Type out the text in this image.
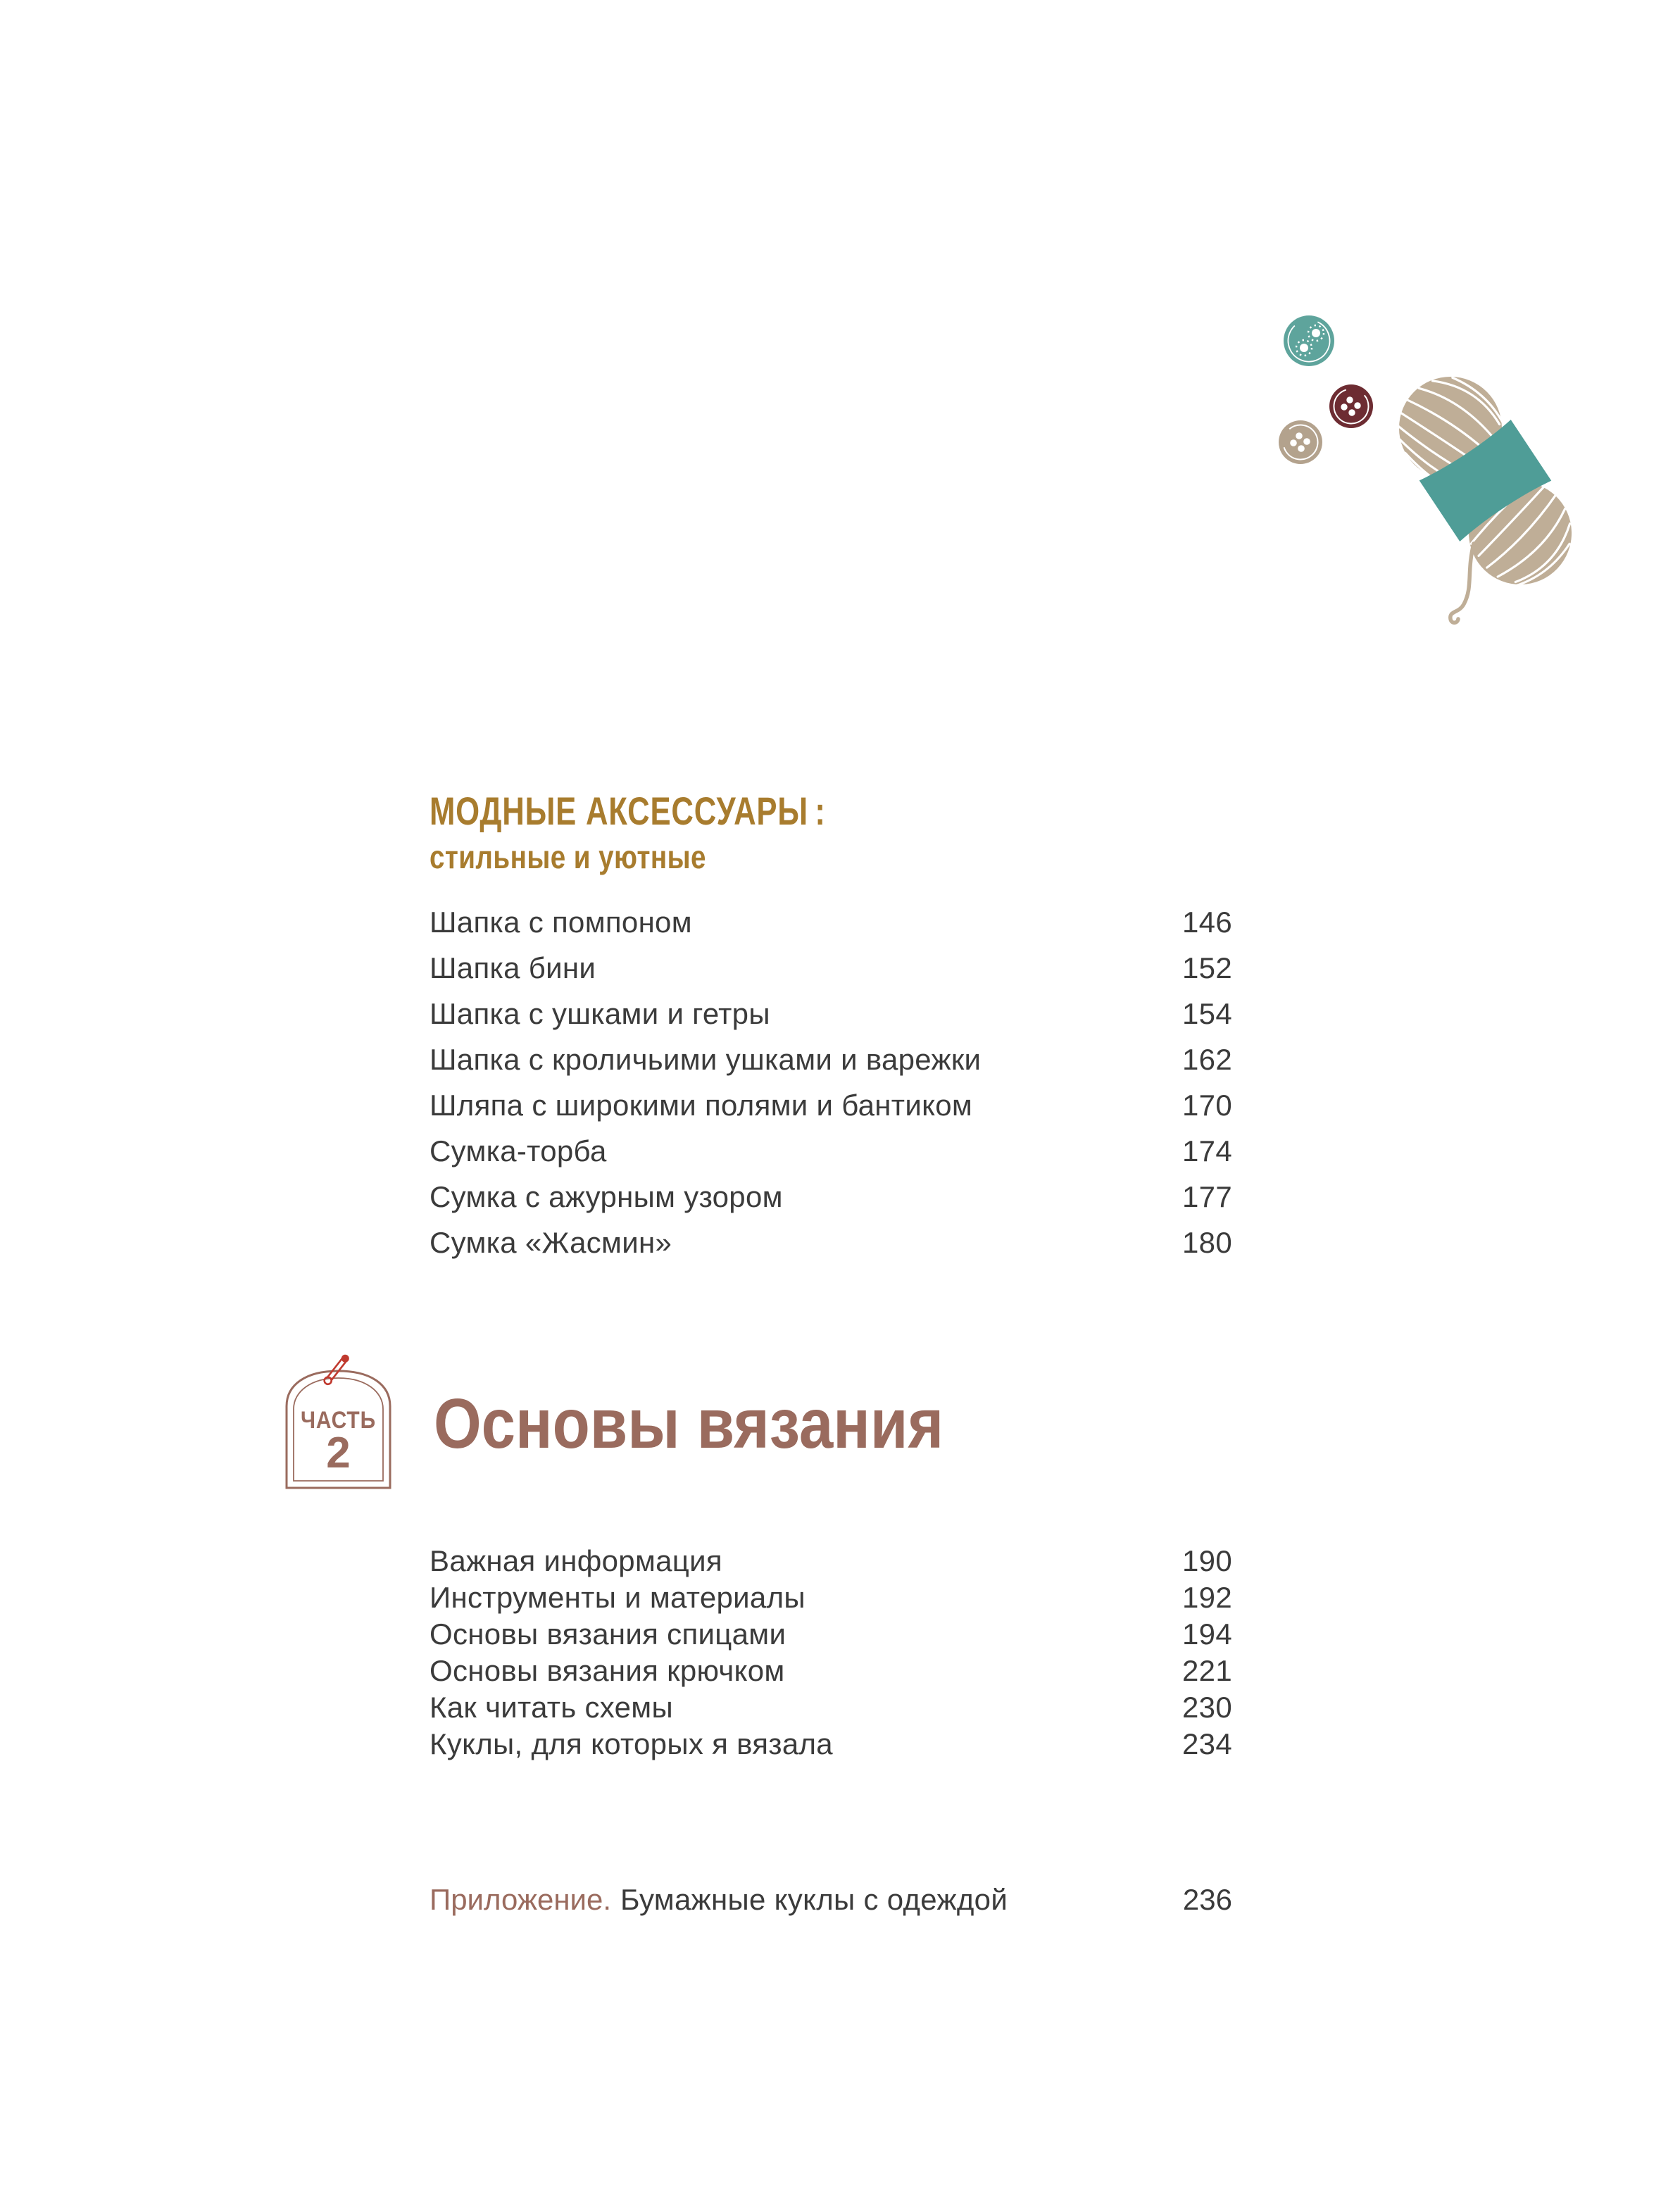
МОДНЫЕ АКСЕССУАРЫ :
стильные и уютные
Шапка с помпоном	146
Шапка бини	152
Шапка с ушками и гетры	154
Шапка с кроличьими ушками и варежки	162
Шляпа с широкими полями и бантиком	170
Сумка-торба	174
Сумка с ажурным узором	177
Сумка «Жасмин»	180
ЧАСТЬ
2	Основы вязания
Важная информация	190
Инструменты и материалы	192
Основы вязания спицами	194
Основы вязания крючком	221
Как читать схемы	230
Куклы, для которых я вязала	234
Приложение. Бумажные куклы с одеждой	236
